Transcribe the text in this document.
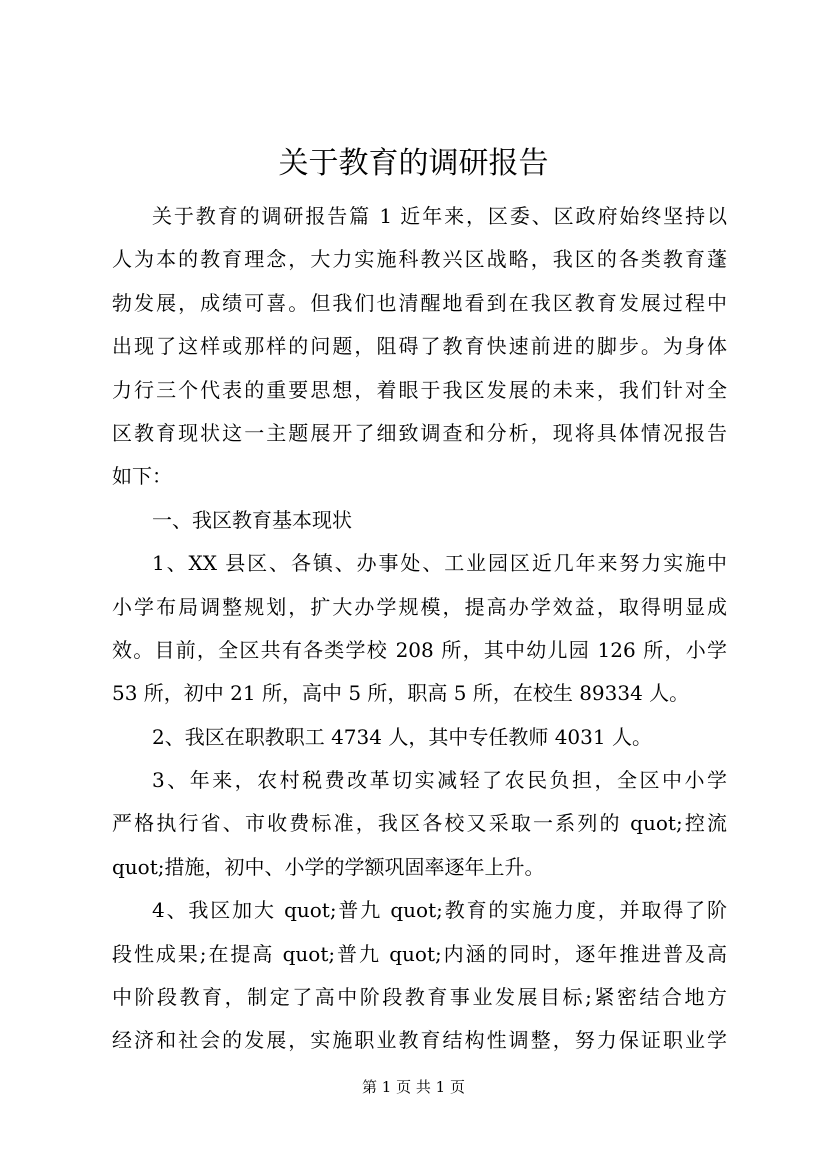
关于教育的调研报告
关于教育的调研报告篇 1 近年来，区委、区政府始终坚持以
人为本的教育理念，大力实施科教兴区战略，我区的各类教育蓬
勃发展，成绩可喜。但我们也清醒地看到在我区教育发展过程中
出现了这样或那样的问题，阻碍了教育快速前进的脚步。为身体
力行三个代表的重要思想，着眼于我区发展的未来，我们针对全
区教育现状这一主题展开了细致调查和分析，现将具体情况报告
如下：
一、我区教育基本现状
1、XX 县区、各镇、办事处、工业园区近几年来努力实施中
小学布局调整规划，扩大办学规模，提高办学效益，取得明显成
效。目前，全区共有各类学校 208 所，其中幼儿园 126 所，小学
53 所，初中 21 所，高中 5 所，职高 5 所，在校生 89334 人。
2、我区在职教职工 4734 人，其中专任教师 4031 人。
3、年来，农村税费改革切实减轻了农民负担，全区中小学
严格执行省、市收费标准，我区各校又采取一系列的 quot;控流
quot;措施，初中、小学的学额巩固率逐年上升。
4、我区加大 quot;普九 quot;教育的实施力度，并取得了阶
段性成果;在提高 quot;普九 quot;内涵的同时，逐年推进普及高
中阶段教育，制定了高中阶段教育事业发展目标;紧密结合地方
经济和社会的发展，实施职业教育结构性调整，努力保证职业学
第 1 页 共 1 页
